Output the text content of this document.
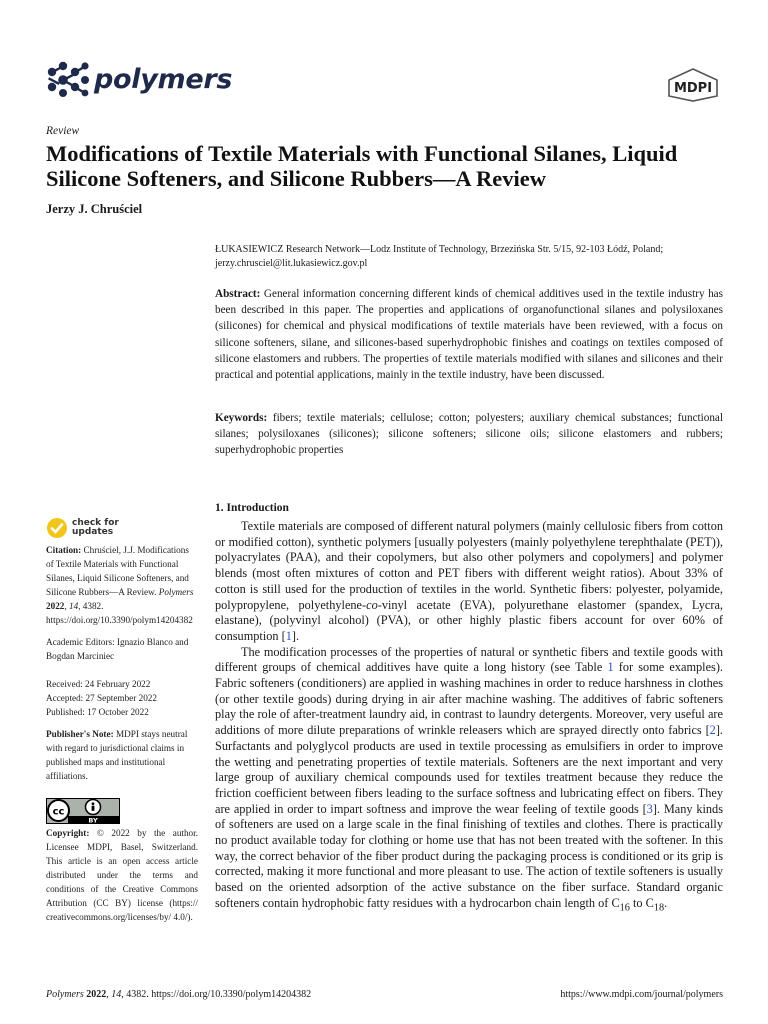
polymers	MDPI
Review
Modifications of Textile Materials with Functional Silanes, Liquid Silicone Softeners, and Silicone Rubbers—A Review
Jerzy J. Chruściel
ŁUKASIEWICZ Research Network—Lodz Institute of Technology, Brzezińska Str. 5/15, 92-103 Łódź, Poland;
jerzy.chrusciel@lit.lukasiewicz.gov.pl
Abstract: General information concerning different kinds of chemical additives used in the textile industry has been described in this paper. The properties and applications of organofunctional silanes and polysiloxanes (silicones) for chemical and physical modifications of textile materials have been reviewed, with a focus on silicone softeners, silane, and silicones-based superhydrophobic finishes and coatings on textiles composed of silicone elastomers and rubbers. The properties of textile materials modified with silanes and silicones and their practical and potential applications, mainly in the textile industry, have been discussed.
Keywords: fibers; textile materials; cellulose; cotton; polyesters; auxiliary chemical substances; functional silanes; polysiloxanes (silicones); silicone softeners; silicone oils; silicone elastomers and rubbers; superhydrophobic properties
1. Introduction

Textile materials are composed of different natural polymers (mainly cellulosic fibers from cotton or modified cotton), synthetic polymers [usually polyesters (mainly polyethylene terephthalate (PET)), polyacrylates (PAA), and their copolymers, but also other polymers and copolymers] and polymer blends (most often mixtures of cotton and PET fibers with different weight ratios). About 33% of cotton is still used for the production of textiles in the world. Synthetic fibers: polyester, polyamide, polypropylene, polyethylene-co-vinyl acetate (EVA), polyurethane elastomer (spandex, Lycra, elastane), (polyvinyl alcohol) (PVA), or other highly plastic fibers account for over 60% of consumption [1].

The modification processes of the properties of natural or synthetic fibers and textile goods with different groups of chemical additives have quite a long history (see Table 1 for some examples). Fabric softeners (conditioners) are applied in washing machines in order to reduce harshness in clothes (or other textile goods) during drying in air after machine washing. The additives of fabric softeners play the role of after-treatment laundry aid, in contrast to laundry detergents. Moreover, very useful are additions of more dilute preparations of wrinkle releasers which are sprayed directly onto fabrics [2]. Surfactants and polyglycol products are used in textile processing as emulsifiers in order to improve the wetting and penetrating properties of textile materials. Softeners are the next important and very large group of auxiliary chemical compounds used for textiles treatment because they reduce the friction coefficient between fibers leading to the surface softness and lubricating effect on fibers. They are applied in order to impart softness and improve the wear feeling of textile goods [3]. Many kinds of softeners are used on a large scale in the final finishing of textiles and clothes. There is practically no product available today for clothing or home use that has not been treated with the softener. In this way, the correct behavior of the fiber product during the packaging process is conditioned or its grip is corrected, making it more functional and more pleasant to use. The action of textile softeners is usually based on the oriented adsorption of the active substance on the fiber surface. Standard organic softeners contain hydrophobic fatty residues with a hydrocarbon chain length of $C_{16}$ to $C_{18}$.

check for
updates
Citation: Chruściel, J.J. Modifications of Textile Materials with Functional Silanes, Liquid Silicone Softeners, and Silicone Rubbers—A Review. Polymers 2022, 14, 4382. https://doi.org/10.3390/polym14204382
Academic Editors: Ignazio Blanco and Bogdan Marciniec
Received: 24 February 2022
Accepted: 27 September 2022
Published: 17 October 2022
Publisher's Note: MDPI stays neutral with regard to jurisdictional claims in published maps and institutional affiliations.
cc
BY
Copyright: © 2022 by the author. Licensee MDPI, Basel, Switzerland. This article is an open access article distributed under the terms and conditions of the Creative Commons Attribution (CC BY) license (https:// creativecommons.org/licenses/by/ 4.0/).
Polymers 2022, 14, 4382. https://doi.org/10.3390/polym14204382	https://www.mdpi.com/journal/polymers
